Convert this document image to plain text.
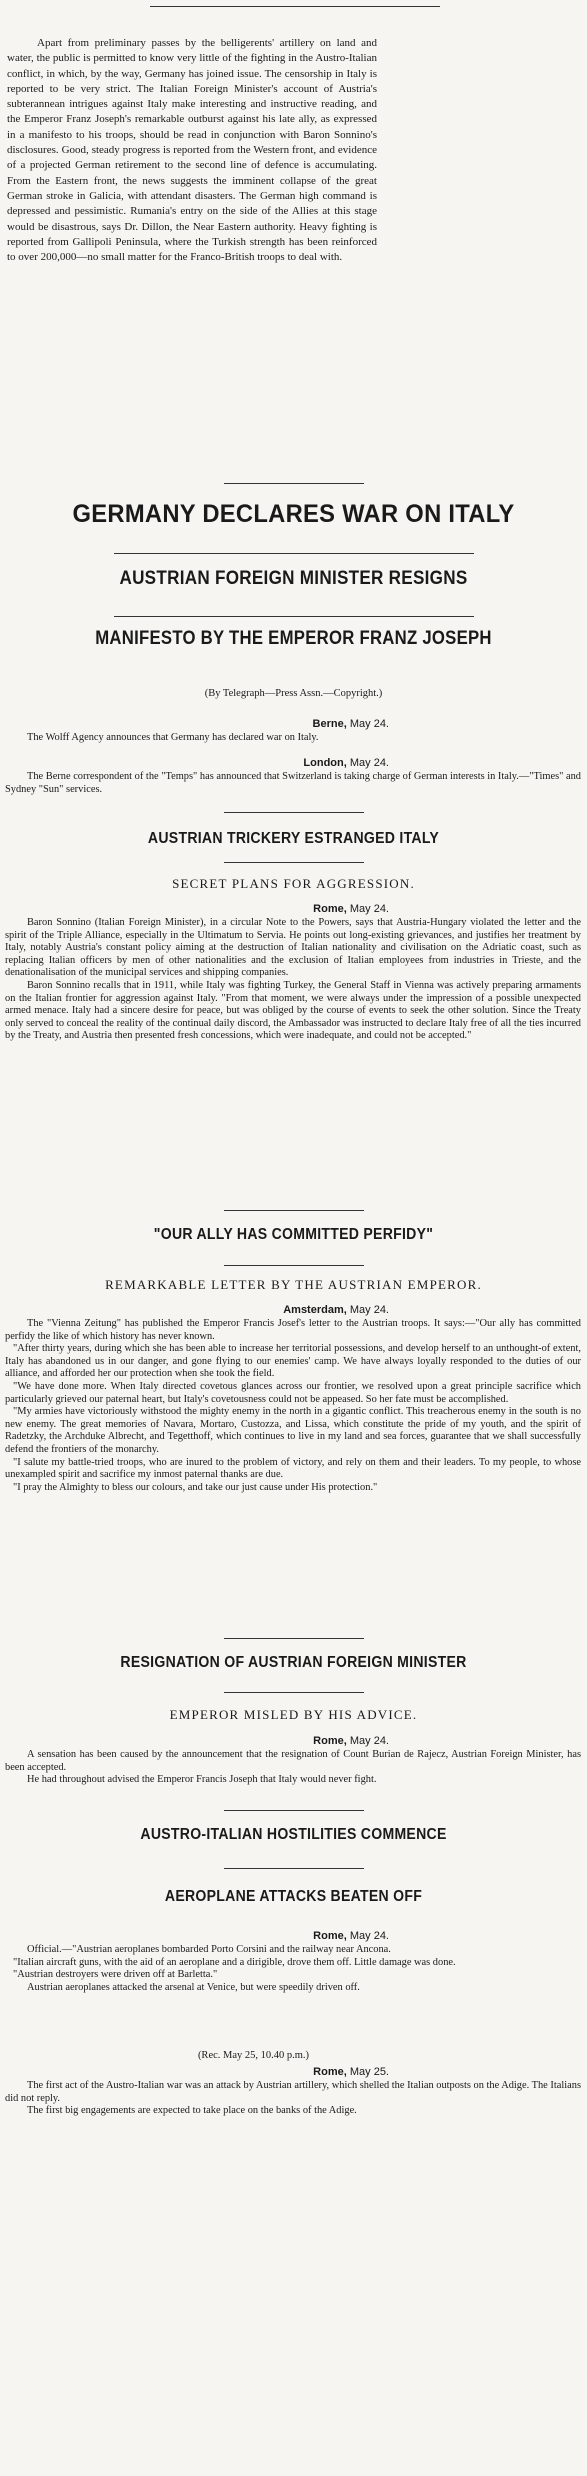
Apart from preliminary passes by the belligerents' artillery on land and water, the public is permitted to know very little of the fighting in the Austro-Italian conflict, in which, by the way, Germany has joined issue. The censorship in Italy is reported to be very strict. The Italian Foreign Minister's account of Austria's subterannean intrigues against Italy make interesting and instructive reading, and the Emperor Franz Joseph's remarkable outburst against his late ally, as expressed in a manifesto to his troops, should be read in conjunction with Baron Sonnino's disclosures. Good, steady progress is reported from the Western front, and evidence of a projected German retirement to the second line of defence is accumulating. From the Eastern front, the news suggests the imminent collapse of the great German stroke in Galicia, with attendant disasters. The German high command is depressed and pessimistic. Rumania's entry on the side of the Allies at this stage would be disastrous, says Dr. Dillon, the Near Eastern authority. Heavy fighting is reported from Gallipoli Peninsula, where the Turkish strength has been reinforced to over 200,000—no small matter for the Franco-British troops to deal with.
GERMANY DECLARES WAR ON ITALY
AUSTRIAN FOREIGN MINISTER RESIGNS
MANIFESTO BY THE EMPEROR FRANZ JOSEPH
(By Telegraph—Press Assn.—Copyright.)
Berne, May 24.

The Wolff Agency announces that Germany has declared war on Italy.

London, May 24.

The Berne correspondent of the "Temps" has announced that Switzerland is taking charge of German interests in Italy.—"Times" and Sydney "Sun" services.

AUSTRIAN TRICKERY ESTRANGED ITALY
SECRET PLANS FOR AGGRESSION.
Rome, May 24.

Baron Sonnino (Italian Foreign Minister), in a circular Note to the Powers, says that Austria-Hungary violated the letter and the spirit of the Triple Alliance, especially in the Ultimatum to Servia. He points out long-existing grievances, and justifies her treatment by Italy, notably Austria's constant policy aiming at the destruction of Italian nationality and civilisation on the Adriatic coast, such as replacing Italian officers by men of other nationalities and the exclusion of Italian employees from industries in Trieste, and the denationalisation of the municipal services and shipping companies.

Baron Sonnino recalls that in 1911, while Italy was fighting Turkey, the General Staff in Vienna was actively preparing armaments on the Italian frontier for aggression against Italy. "From that moment, we were always under the impression of a possible unexpected armed menace. Italy had a sincere desire for peace, but was obliged by the course of events to seek the other solution. Since the Treaty only served to conceal the reality of the continual daily discord, the Ambassador was instructed to declare Italy free of all the ties incurred by the Treaty, and Austria then presented fresh concessions, which were inadequate, and could not be accepted."

"OUR ALLY HAS COMMITTED PERFIDY"
REMARKABLE LETTER BY THE AUSTRIAN EMPEROR.
Amsterdam, May 24.

The "Vienna Zeitung" has published the Emperor Francis Josef's letter to the Austrian troops. It says:—"Our ally has committed perfidy the like of which history has never known.

"After thirty years, during which she has been able to increase her territorial possessions, and develop herself to an unthought-of extent, Italy has abandoned us in our danger, and gone flying to our enemies' camp. We have always loyally responded to the duties of our alliance, and afforded her our protection when she took the field.

"We have done more. When Italy directed covetous glances across our frontier, we resolved upon a great principle sacrifice which particularly grieved our paternal heart, but Italy's covetousness could not be appeased. So her fate must be accomplished.

"My armies have victoriously withstood the mighty enemy in the north in a gigantic conflict. This treacherous enemy in the south is no new enemy. The great memories of Navara, Mortaro, Custozza, and Lissa, which constitute the pride of my youth, and the spirit of Radetzky, the Archduke Albrecht, and Tegetthoff, which continues to live in my land and sea forces, guarantee that we shall successfully defend the frontiers of the monarchy.

"I salute my battle-tried troops, who are inured to the problem of victory, and rely on them and their leaders. To my people, to whose unexampled spirit and sacrifice my inmost paternal thanks are due.

"I pray the Almighty to bless our colours, and take our just cause under His protection."

RESIGNATION OF AUSTRIAN FOREIGN MINISTER
EMPEROR MISLED BY HIS ADVICE.
Rome, May 24.

A sensation has been caused by the announcement that the resignation of Count Burian de Rajecz, Austrian Foreign Minister, has been accepted.

He had throughout advised the Emperor Francis Joseph that Italy would never fight.

AUSTRO-ITALIAN HOSTILITIES COMMENCE
AEROPLANE ATTACKS BEATEN OFF
Rome, May 24.

Official.—"Austrian aeroplanes bombarded Porto Corsini and the railway near Ancona.

"Italian aircraft guns, with the aid of an aeroplane and a dirigible, drove them off. Little damage was done.

"Austrian destroyers were driven off at Barletta."

Austrian aeroplanes attacked the arsenal at Venice, but were speedily driven off.

(Rec. May 25, 10.40 p.m.)
Rome, May 25.

The first act of the Austro-Italian war was an attack by Austrian artillery, which shelled the Italian outposts on the Adige. The Italians did not reply.

The first big engagements are expected to take place on the banks of the Adige.
